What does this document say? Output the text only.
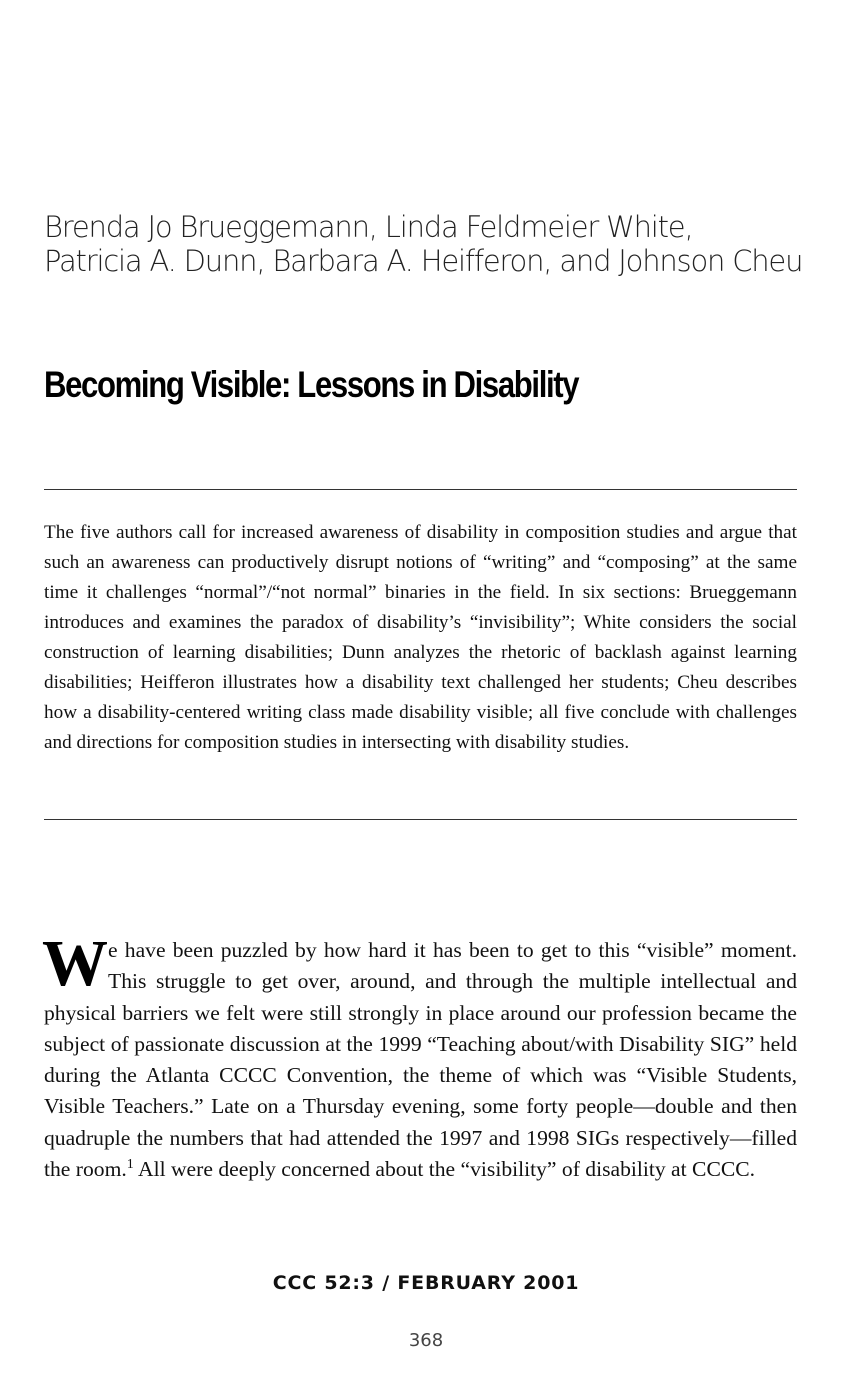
Brenda Jo Brueggemann, Linda Feldmeier White,
Patricia A. Dunn, Barbara A. Heifferon, and Johnson Cheu
Becoming Visible: Lessons in Disability
The five authors call for increased awareness of disability in composition studies and argue that such an awareness can productively disrupt notions of “writing” and “composing” at the same time it challenges “normal”/“not normal” binaries in the field. In six sections: Brueggemann introduces and examines the paradox of disability’s “invisibility”; White considers the social construction of learning disabilities; Dunn analyzes the rhetoric of backlash against learning disabilities; Heifferon illustrates how a disability text challenged her students; Cheu describes how a disability-centered writing class made disability visible; all five conclude with challenges and directions for composition studies in intersecting with disability studies.
We have been puzzled by how hard it has been to get to this “visible” moment. This struggle to get over, around, and through the multiple intellectual and physical barriers we felt were still strongly in place around our profession became the subject of passionate discussion at the 1999 “Teaching about/with Disability SIG” held during the Atlanta CCCC Convention, the theme of which was “Visible Students, Visible Teachers.” Late on a Thursday evening, some forty people—double and then quadruple the numbers that had attended the 1997 and 1998 SIGs respectively—filled the room.$^1$ All were deeply concerned about the “visibility” of disability at CCCC.
CCC 52:3 / FEBRUARY 2001
368
